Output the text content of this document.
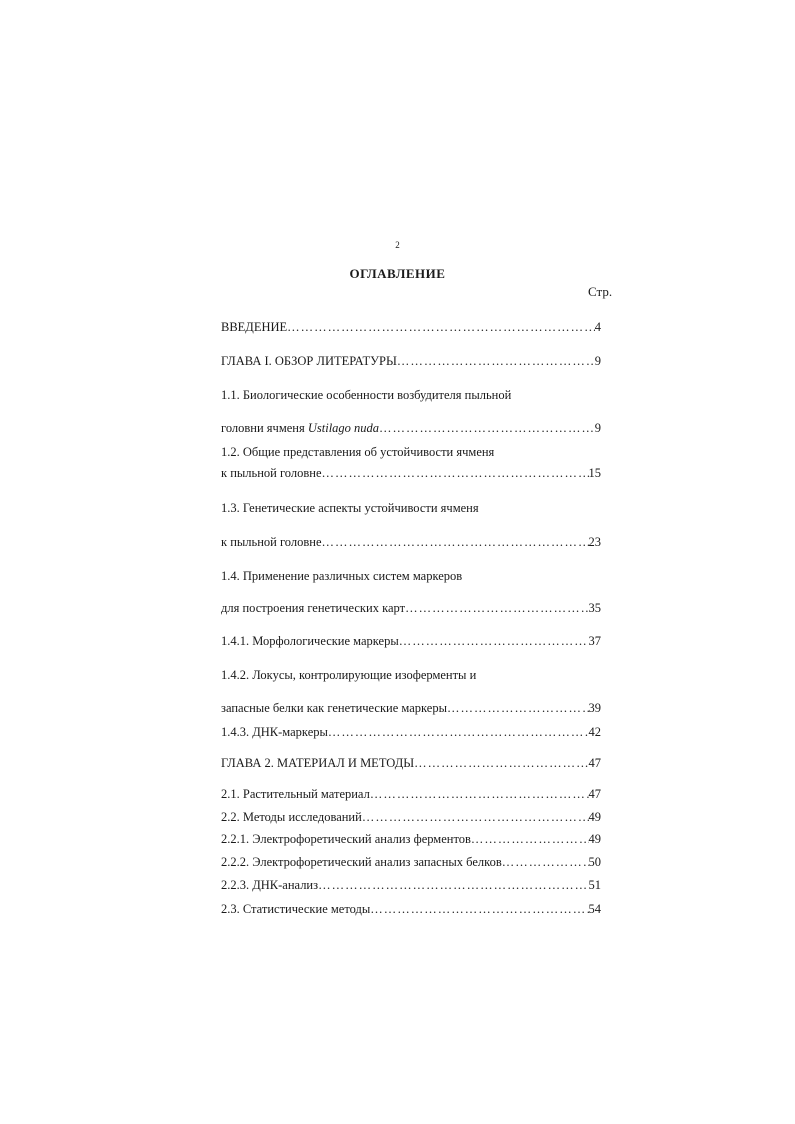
2
ОГЛАВЛЕНИЕ
Стр.
ВВЕДЕНИЕ ………………………………………………………………………………………………………………………………	4
ГЛАВА I. ОБЗОР ЛИТЕРАТУРЫ ………………………………………………………………………………………………………………………………	9
1.1. Биологические особенности возбудителя пыльной
головни ячменя Ustilago nuda ………………………………………………………………………………………………………………………………	9
1.2. Общие представления об устойчивости ячменя
к пыльной головне ………………………………………………………………………………………………………………………………	15
1.3. Генетические аспекты устойчивости ячменя
к пыльной головне ………………………………………………………………………………………………………………………………	23
1.4. Применение различных систем маркеров
для построения генетических карт ………………………………………………………………………………………………………………………………	35
1.4.1. Морфологические маркеры ………………………………………………………………………………………………………………………………	37
1.4.2. Локусы, контролирующие изоферменты и
запасные белки как генетические маркеры ………………………………………………………………………………………………………………………………	39
1.4.3. ДНК-маркеры ………………………………………………………………………………………………………………………………	42
ГЛАВА 2. МАТЕРИАЛ И МЕТОДЫ ………………………………………………………………………………………………………………………………	47
2.1. Растительный материал ………………………………………………………………………………………………………………………………	47
2.2. Методы исследований ………………………………………………………………………………………………………………………………	49
2.2.1. Электрофоретический анализ ферментов ………………………………………………………………………………………………………………………………	49
2.2.2. Электрофоретический анализ запасных белков ………………………………………………………………………………………………………………………………	50
2.2.3. ДНК-анализ ………………………………………………………………………………………………………………………………	51
2.3. Статистические методы ………………………………………………………………………………………………………………………………	54
